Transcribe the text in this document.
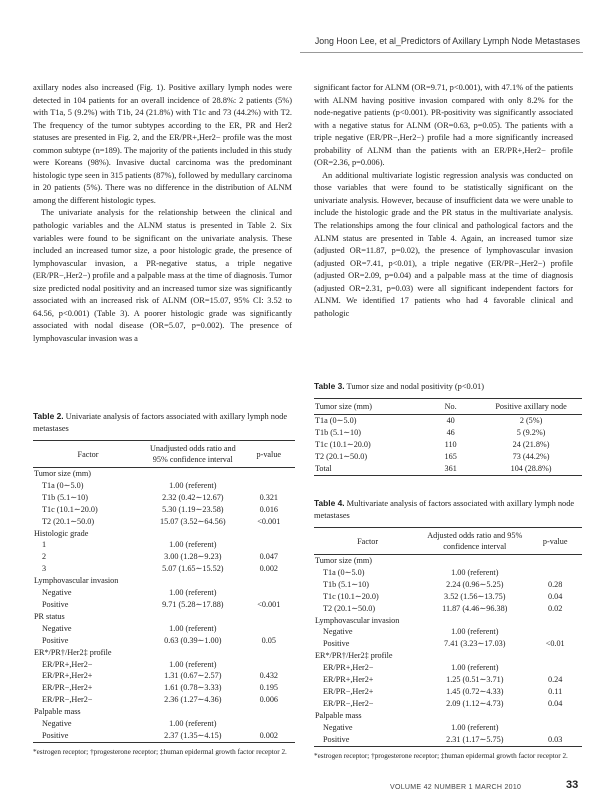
Jong Hoon Lee, et al_Predictors of Axillary Lymph Node Metastases

axillary nodes also increased (Fig. 1). Positive axillary lymph nodes were detected in 104 patients for an overall incidence of 28.8%: 2 patients (5%) with T1a, 5 (9.2%) with T1b, 24 (21.8%) with T1c and 73 (44.2%) with T2. The frequency of the tumor subtypes according to the ER, PR and Her2 statuses are presented in Fig. 2, and the ER/PR+,Her2− profile was the most common subtype (n=189). The majority of the patients included in this study were Koreans (98%). Invasive ductal carcinoma was the predominant histologic type seen in 315 patients (87%), followed by medullary carcinoma in 20 patients (5%). There was no difference in the distribution of ALNM among the different histologic types.

The univariate analysis for the relationship between the clinical and pathologic variables and the ALNM status is presented in Table 2. Six variables were found to be significant on the univariate analysis. These included an increased tumor size, a poor histologic grade, the presence of lymphovascular invasion, a PR-negative status, a triple negative (ER/PR−,Her2−) profile and a palpable mass at the time of diagnosis. Tumor size predicted nodal positivity and an increased tumor size was significantly associated with an increased risk of ALNM (OR=15.07, 95% CI: 3.52 to 64.56, p<0.001) (Table 3). A poorer histologic grade was significantly associated with nodal disease (OR=5.07, p=0.002). The presence of lymphovascular invasion was a

significant factor for ALNM (OR=9.71, p<0.001), with 47.1% of the patients with ALNM having positive invasion compared with only 8.2% for the node-negative patients (p<0.001). PR-positivity was significantly associated with a negative status for ALNM (OR=0.63, p=0.05). The patients with a triple negative (ER/PR−,Her2−) profile had a more significantly increased probability of ALNM than the patients with an ER/PR+,Her2− profile (OR=2.36, p=0.006).

An additional multivariate logistic regression analysis was conducted on those variables that were found to be statistically significant on the univariate analysis. However, because of insufficient data we were unable to include the histologic grade and the PR status in the multivariate analysis. The relationships among the four clinical and pathological factors and the ALNM status are presented in Table 4. Again, an increased tumor size (adjusted OR=11.87, p=0.02), the presence of lymphovascular invasion (adjusted OR=7.41, p<0.01), a triple negative (ER/PR−,Her2−) profile (adjusted OR=2.09, p=0.04) and a palpable mass at the time of diagnosis (adjusted OR=2.31, p=0.03) were all significant independent factors for ALNM. We identified 17 patients who had 4 favorable clinical and pathologic

Table 2. Univariate analysis of factors associated with axillary lymph node metastases
Factor	Unadjusted odds ratio and 95% confidence interval	p-value
Tumor size (mm)		
T1a (0∼5.0)	1.00 (referent)	
T1b (5.1∼10)	2.32 (0.42∼12.67)	0.321
T1c (10.1∼20.0)	5.30 (1.19∼23.58)	0.016
T2 (20.1∼50.0)	15.07 (3.52∼64.56)	<0.001
Histologic grade		
1	1.00 (referent)	
2	3.00 (1.28∼9.23)	0.047
3	5.07 (1.65∼15.52)	0.002
Lymphovascular invasion		
Negative	1.00 (referent)	
Positive	9.71 (5.28∼17.88)	<0.001
PR status		
Negative	1.00 (referent)	
Positive	0.63 (0.39∼1.00)	0.05
ER*/PR†/Her2‡ profile		
ER/PR+,Her2−	1.00 (referent)	
ER/PR+,Her2+	1.31 (0.67∼2.57)	0.432
ER/PR−,Her2+	1.61 (0.78∼3.33)	0.195
ER/PR−,Her2−	2.36 (1.27∼4.36)	0.006
Palpable mass		
Negative	1.00 (referent)	
Positive	2.37 (1.35∼4.15)	0.002
*estrogen receptor; †progesterone receptor; ‡human epidermal growth factor receptor 2.
Table 3. Tumor size and nodal positivity (p<0.01)
Tumor size (mm)	No.	Positive axillary node
T1a (0∼5.0)	40	2 (5%)
T1b (5.1∼10)	46	5 (9.2%)
T1c (10.1∼20.0)	110	24 (21.8%)
T2 (20.1∼50.0)	165	73 (44.2%)
Total	361	104 (28.8%)
Table 4. Multivariate analysis of factors associated with axillary lymph node metastases
Factor	Adjusted odds ratio and 95% confidence interval	p-value
Tumor size (mm)		
T1a (0∼5.0)	1.00 (referent)	
T1b (5.1∼10)	2.24 (0.96∼5.25)	0.28
T1c (10.1∼20.0)	3.52 (1.56∼13.75)	0.04
T2 (20.1∼50.0)	11.87 (4.46∼96.38)	0.02
Lymphovascular invasion		
Negative	1.00 (referent)	
Positive	7.41 (3.23∼17.03)	<0.01
ER*/PR†/Her2‡ profile		
ER/PR+,Her2−	1.00 (referent)	
ER/PR+,Her2+	1.25 (0.51∼3.71)	0.24
ER/PR−,Her2+	1.45 (0.72∼4.33)	0.11
ER/PR−,Her2−	2.09 (1.12∼4.73)	0.04
Palpable mass		
Negative	1.00 (referent)	
Positive	2.31 (1.17∼5.75)	0.03
*estrogen receptor; †progesterone receptor; ‡human epidermal growth factor receptor 2.
VOLUME 42 NUMBER 1 MARCH 2010	33
